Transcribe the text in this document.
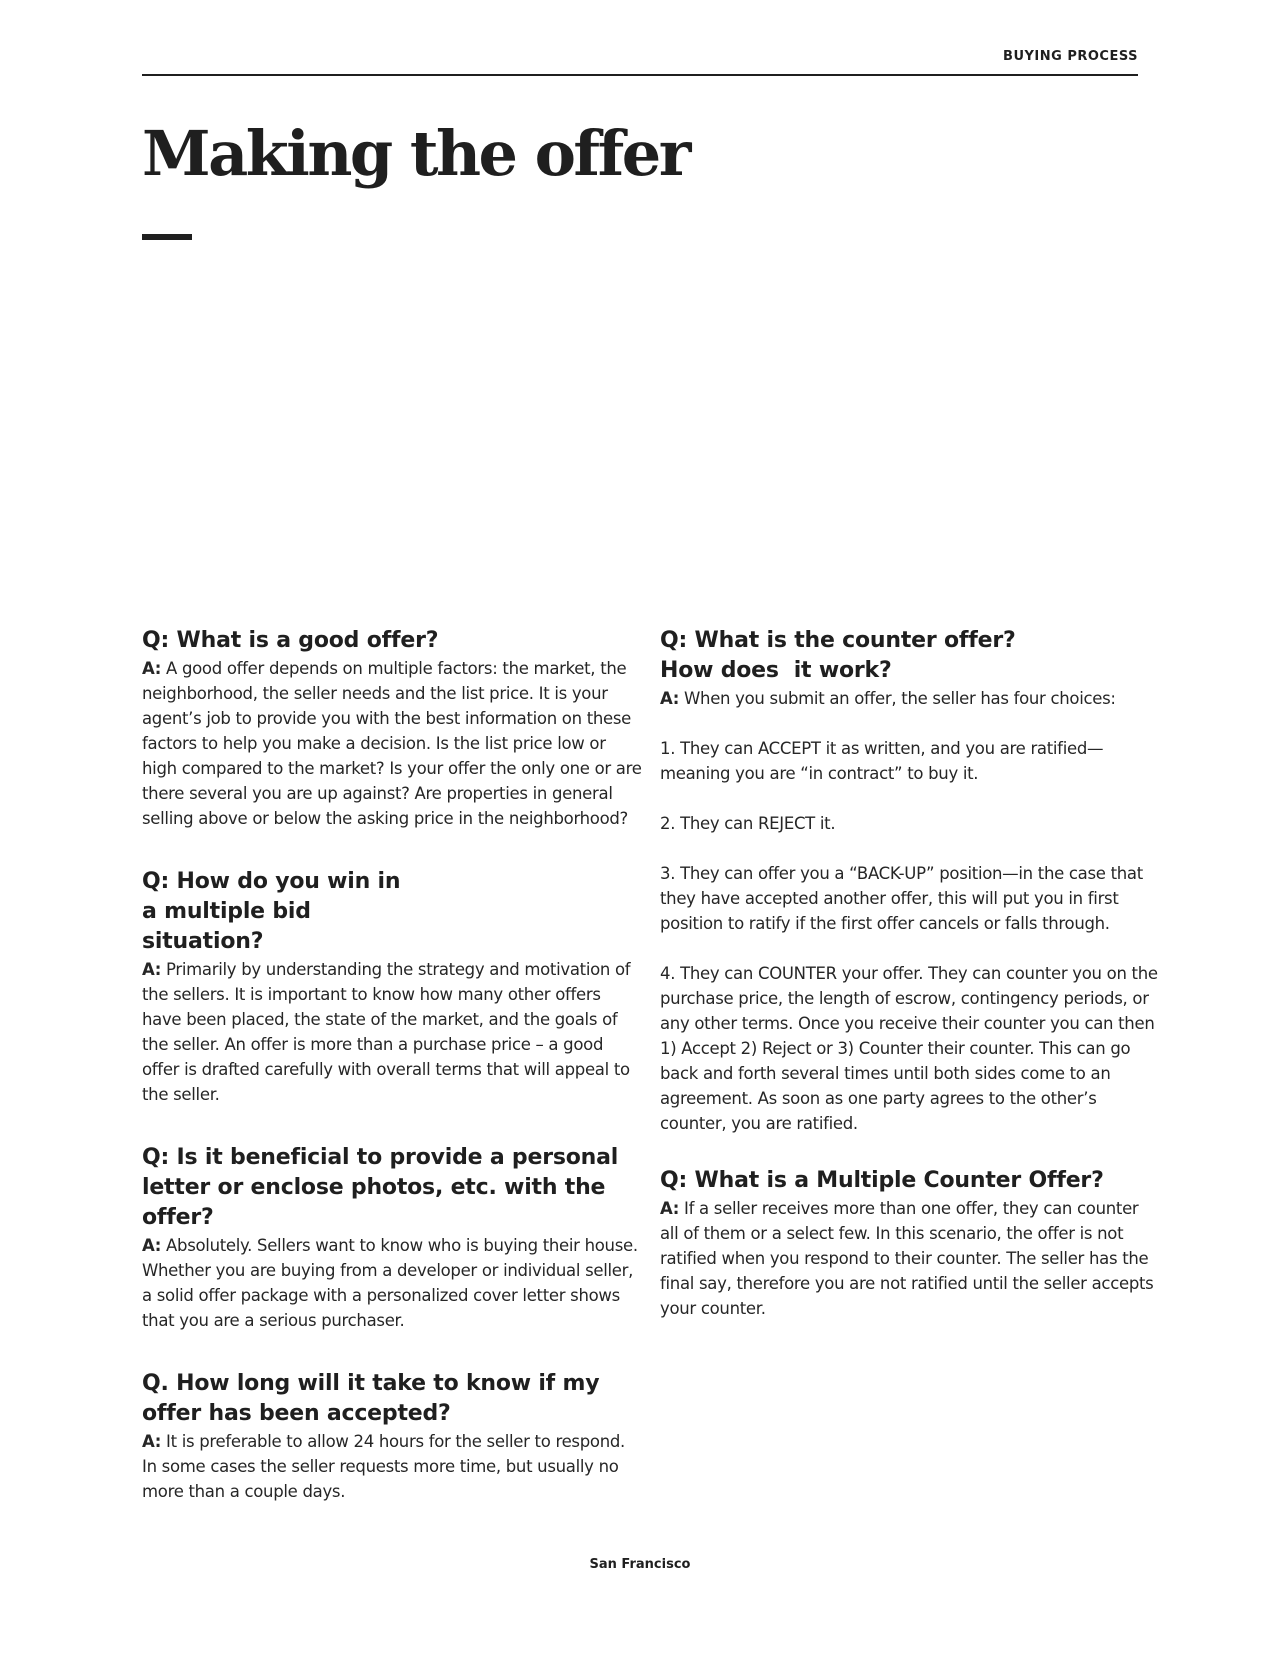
BUYING PROCESS
Making the offer

Q: What is a good offer?

A: A good offer depends on multiple factors: the market, the neighborhood, the seller needs and the list price. It is your agent’s job to provide you with the best information on these factors to help you make a decision. Is the list price low or high compared to the market? Is your offer the only one or are there several you are up against? Are properties in general selling above or below the asking price in the neighborhood?

Q: How do you win in a multiple bid situation?

A: Primarily by understanding the strategy and motivation of the sellers. It is important to know how many other offers have been placed, the state of the market, and the goals of the seller. An offer is more than a purchase price – a good offer is drafted carefully with overall terms that will appeal to the seller.

Q: Is it beneficial to provide a personal letter or enclose photos, etc. with the offer?

A: Absolutely. Sellers want to know who is buying their house. Whether you are buying from a developer or individual seller, a solid offer package with a personalized cover letter shows that you are a serious purchaser.

Q. How long will it take to know if my offer has been accepted?

A: It is preferable to allow 24 hours for the seller to respond. In some cases the seller requests more time, but usually no more than a couple days.

Q: What is the counter offer?
How does  it work?

A: When you submit an offer, the seller has four choices:

1. They can ACCEPT it as written, and you are ratified—meaning you are “in contract” to buy it.

2. They can REJECT it.

3. They can offer you a “BACK-UP” position—in the case that they have accepted another offer, this will put you in first position to ratify if the first offer cancels or falls through.

4. They can COUNTER your offer. They can counter you on the purchase price, the length of escrow, contingency periods, or any other terms. Once you receive their counter you can then 1) Accept 2) Reject or 3) Counter their counter. This can go back and forth several times until both sides come to an agreement. As soon as one party agrees to the other’s counter, you are ratified.

Q: What is a Multiple Counter Offer?

A: If a seller receives more than one offer, they can counter all of them or a select few. In this scenario, the offer is not ratified when you respond to their counter. The seller has the final say, therefore you are not ratified until the seller accepts your counter.

San Francisco
